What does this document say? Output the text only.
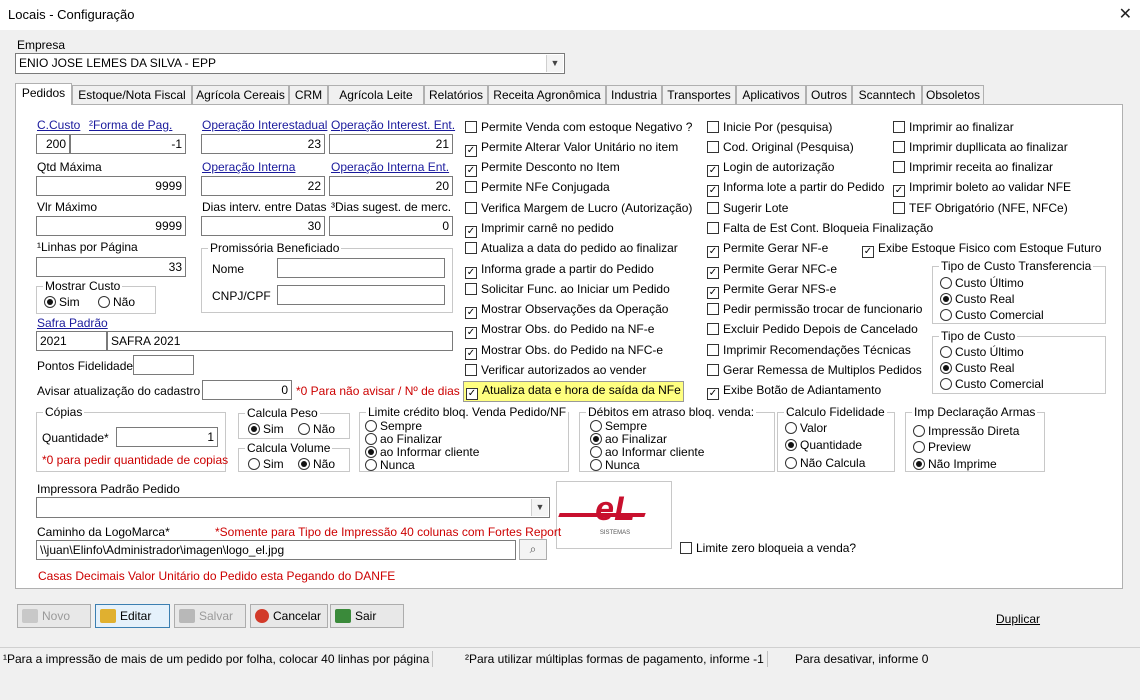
Locais - Configuração	✕
Empresa
ENIO JOSE LEMES DA SILVA - EPP	▼
Pedidos	Estoque/Nota Fiscal Agrícola Cereais CRM	Agrícola Leite	Relatórios Receita Agronômica Industria Transportes Aplicativos Outros Scanntech Obsoletos
C.Custo
200
²Forma de Pag.
-1
Operação Interestadual
23
Operação Interest. Ent.
21
Qtd Máxima
9999
Operação Interna
22
Operação Interna Ent.
20
Vlr Máximo
9999
Dias interv. entre Datas
30
³Dias sugest. de merc.
0
¹Linhas por Página
33
Promissória Beneficiado
Nome
CNPJ/CPF
Mostrar Custo
Sim	Não
Safra Padrão
2021	SAFRA 2021
Pontos Fidelidade
Avisar atualização do cadastro	0 *0 Para não avisar / Nº de dias
Cópias
Quantidade*	1
*0 para pedir quantidade de copias
Calcula Peso
Sim	Não
Calcula Volume
Sim	Não
Limite crédito bloq. Venda Pedido/NF
Sempre
ao Finalizar
ao Informar cliente
Nunca
Débitos em atraso bloq. venda:
Sempre
ao Finalizar
ao Informar cliente
Nunca
Calculo Fidelidade
Valor
Quantidade
Não Calcula
Imp Declaração Armas
Impressão Direta
Preview
Não Imprime
Permite Venda com estoque Negativo ?
✓ Permite Alterar Valor Unitário no item
✓ Permite Desconto no Item
Permite NFe Conjugada
Verifica Margem de Lucro (Autorização)
✓ Imprimir carnê no pedido
Atualiza a data do pedido ao finalizar
✓ Informa grade a partir do Pedido
Solicitar Func. ao Iniciar um Pedido
✓ Mostrar Observações da Operação
✓ Mostrar Obs. do Pedido na NF-e
✓ Mostrar Obs. do Pedido na NFC-e
Verificar autorizados ao vender
✓ Atualiza data e hora de saída da NFe
Inicie Por (pesquisa)
Cod. Original (Pesquisa)
✓ Login de autorização
✓ Informa lote a partir do Pedido
Sugerir Lote
Falta de Est Cont. Bloqueia Finalização
✓ Permite Gerar NF-e
✓ Permite Gerar NFC-e
✓ Permite Gerar NFS-e
Pedir permissão trocar de funcionario
Excluir Pedido Depois de Cancelado
Imprimir Recomendações Técnicas
Gerar Remessa de Multiplos Pedidos
✓ Exibe Botão de Adiantamento
Imprimir ao finalizar
Imprimir dupllicata ao finalizar
Imprimir receita ao finalizar
✓ Imprimir boleto ao validar NFE
TEF Obrigatório (NFE, NFCe)
✓ Exibe Estoque Fisico com Estoque Futuro
Tipo de Custo Transferencia
Custo Último
Custo Real
Custo Comercial
Tipo de Custo
Custo Último
Custo Real
Custo Comercial
Impressora Padrão Pedido
▼ eL
SISTEMAS
Caminho da LogoMarca*	*Somente para Tipo de Impressão 40 colunas com Fortes Report
\\juan\Elinfo\Administrador\imagen\logo_el.jpg	⌕	Limite zero bloqueia a venda?
Casas Decimais Valor Unitário do Pedido esta Pegando do DANFE
Novo	Editar	Salvar	Cancelar	Sair	Duplicar
¹Para a impressão de mais de um pedido por folha, colocar 40 linhas por página	²Para utilizar múltiplas formas de pagamento, informe -1	Para desativar, informe 0
